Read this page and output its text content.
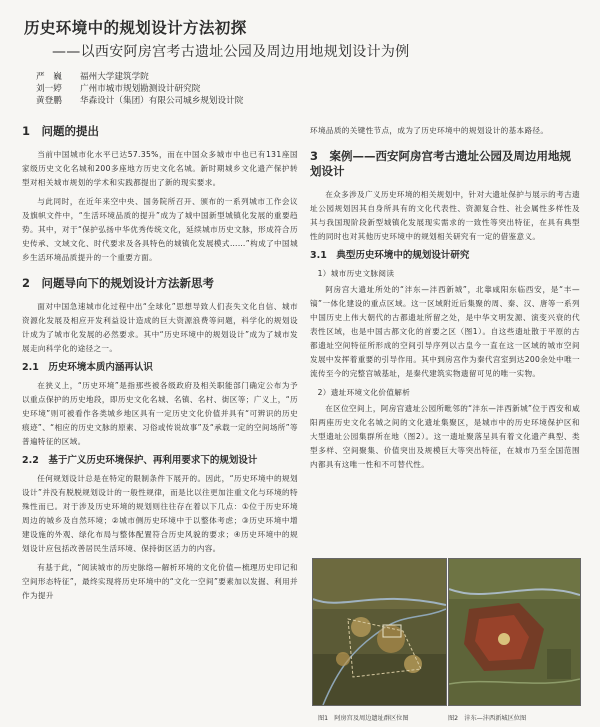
历史环境中的规划设计方法初探
——以西安阿房宫考古遗址公园及周边用地规划设计为例
严　巍 福州大学建筑学院
刘一婷 广州市城市规划勘测设计研究院
黄登鹏 华森设计（集团）有限公司城乡规划设计院
1　问题的提出

当前中国城市化水平已达57.35%，而在中国众多城市中也已有131座国家级历史文化名城和200多座地方历史文化名城。新时期城乡文化遗产保护转型对相关城市规划的学术和实践都提出了新的现实要求。

与此同时，在近年来空中央、国务院所召开、颁布的一系列城市工作会议及旗帜文件中，“生活环境品质的提升”成为了城中国新型城镇化发展的重要趋势。其中，对于“保护弘扬中华优秀传统文化，延续城市历史文脉，形成符合历史传承、文域文化、时代要求及各具特色的城镇化发展模式……”构成了中国城乡生活环境品质提升的一个重要方面。

2　问题导向下的规划设计方法新思考

面对中国急速城市化过程中出“全球化”思想导致人们丧失文化自信、城市资源化发展及相应开发利益设计造成的巨大资源浪费等问题，科学化的规划设计成为了城市化发展的必然要求。其中“历史环境中的规划设计”成为了城市发展走向科学化的途径之一。

2.1　历史环境本质内涵再认识

在狭义上，“历史环境”是指那些被各级政府及相关职能部门确定公布为予以重点保护的历史地段，即历史文化名城、名镇、名村、街区等；广义上，“历史环境”则可被看作各类城乡地区具有一定历史文化价值并具有“可辨识的历史痕迹”、“相应的历史文脉的原素、习俗或传说故事”及“承载一定的空间场所”等普遍特征的区域。

2.2　基于广义历史环境保护、再利用要求下的规划设计

任何规划设计总是在特定的限制条件下展开的。因此，“历史环境中的规划设计”并没有脱脱规划设计的一般性规律，而是比以往更加注重文化与环境的特殊性而已。对于涉及历史环境的规划则往往存在着以下几点：①位于历史环境周边的城乡及自然环境；②城市侧历史环境中于以整体考虑；③历史环境中增建设施的外观、绿化布局与整体配置符合历史风貌的要求；④历史环境中的规划设计应包括改善居民生活环境、保持街区活力的内容。

有基于此，“阅读城市的历史脉络—解析环境的文化价值—梳理历史印记和空间形态特征”，最终实现将历史环境中的“文化一空间”要素加以发掘、利用并作为提升

环境品质的关键性节点，成为了历史环境中的规划设计的基本路径。

3　案例——西安阿房宫考古遗址公园及周边用地规划设计

在众多涉及广义历史环境的相关规划中，针对大遗址保护与展示的考古遗址公园规划因其自身所具有的文化代表性、资源复合性、社会属性多样性及其与我国现阶段新型城镇化发展现实需求的一致性等突出特征，在具有典型性的同时也对其他历史环境中的规划相关研究有一定的借鉴意义。

3.1　典型历史环境中的规划设计研究

1）城市历史文脉阅读

阿房宫大遗址所处的“沣东—沣西新城”，北靠咸阳东临西安，是“丰—镐”一体化建设的重点区域。这一区域附近后集聚的周、秦、汉、唐等一系列中国历史上伟大朝代的古都遗址所留之处，是中华文明发源、演变兴衰的代表性区域，也是中国古都文化的首要之区（图1）。自这些遗址散于平原的古都遗址空间特征所形成的空间引导序列以古皇今一直在这一区域的城市空间发展中发挥着重要的引导作用。其中到房宫作为秦代宫室到达200余处中唯一流传至今的完整宫城基址，是秦代建筑实物遗留可见的唯一实物。

2）遗址环境文化价值解析

在区位空间上，阿房宫遗址公园所毗邻的“沣东—沣西新城”位于西安和咸阳两座历史文化名城之间的文化遗址集聚区，是城市中的历史环境保护区和大型遗址公园集群所在地（图2）。这一遗址聚落呈具有着文化遗产典型、类型多样、空间聚集、价值突出及规模巨大等突出特征，在城市乃至全国范围内都具有这唯一性和不可替代性。

图1　阿房宫及周边遗址群区位图	图2　沣东—沣西新城区位图
